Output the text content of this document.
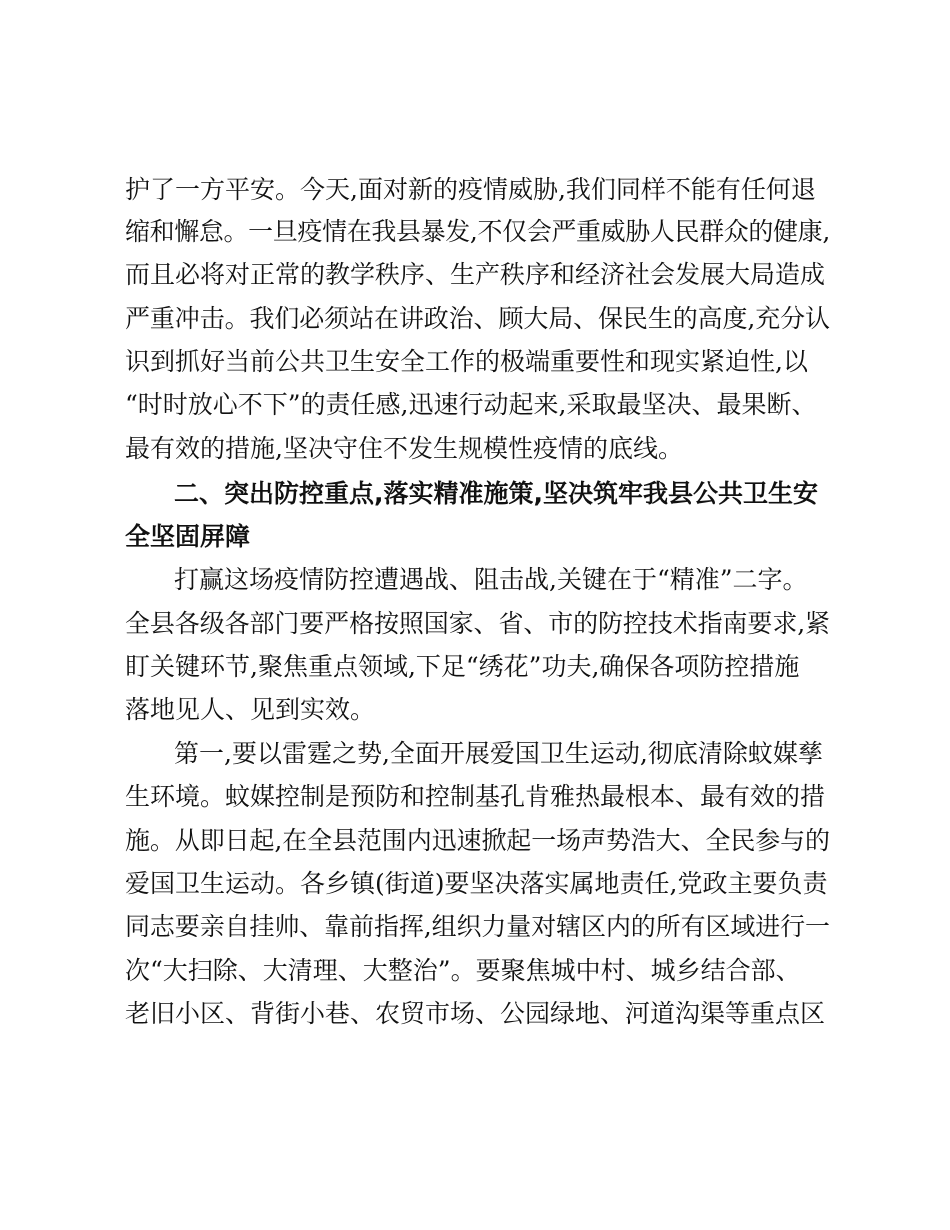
护了一方平安。今天,面对新的疫情威胁,我们同样不能有任何退
缩和懈怠。一旦疫情在我县暴发,不仅会严重威胁人民群众的健康,
而且必将对正常的教学秩序、生产秩序和经济社会发展大局造成
严重冲击。我们必须站在讲政治、顾大局、保民生的高度,充分认
识到抓好当前公共卫生安全工作的极端重要性和现实紧迫性,以
“时时放心不下”的责任感,迅速行动起来,采取最坚决、最果断、
最有效的措施,坚决守住不发生规模性疫情的底线。
二、突出防控重点,落实精准施策,坚决筑牢我县公共卫生安
全坚固屏障
打赢这场疫情防控遭遇战、阻击战,关键在于“精准”二字。
全县各级各部门要严格按照国家、省、市的防控技术指南要求,紧
盯关键环节,聚焦重点领域,下足“绣花”功夫,确保各项防控措施
落地见人、见到实效。
第一,要以雷霆之势,全面开展爱国卫生运动,彻底清除蚊媒孳
生环境。蚊媒控制是预防和控制基孔肯雅热最根本、最有效的措
施。从即日起,在全县范围内迅速掀起一场声势浩大、全民参与的
爱国卫生运动。各乡镇(街道)要坚决落实属地责任,党政主要负责
同志要亲自挂帅、靠前指挥,组织力量对辖区内的所有区域进行一
次“大扫除、大清理、大整治”。要聚焦城中村、城乡结合部、
老旧小区、背街小巷、农贸市场、公园绿地、河道沟渠等重点区
